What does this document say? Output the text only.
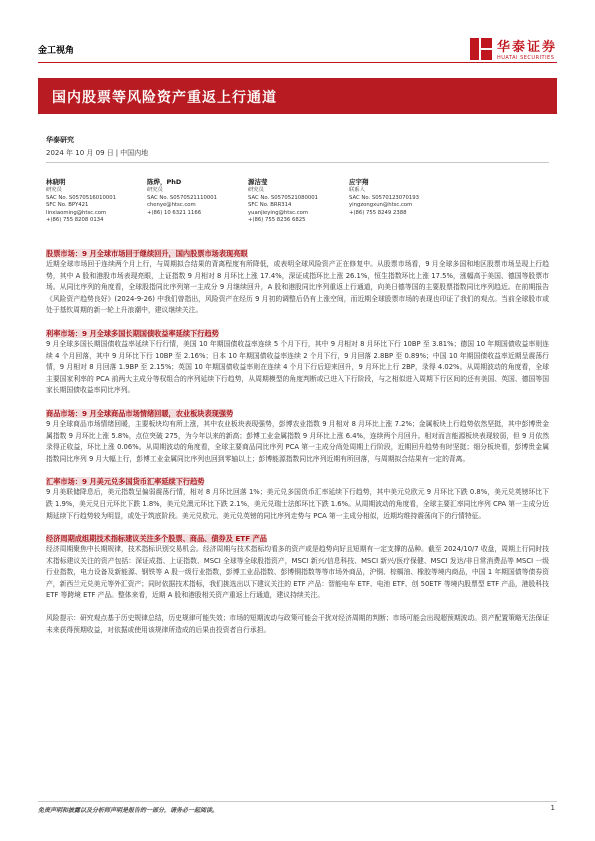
金工视角	华泰证券
HUATAI SECURITIES
国内股票等风险资产重返上行通道
华泰研究
2024 年 10 月 09 日 | 中国内地
林晓明
研究员
SAC No. S0570516010001
SFC No. BPY421
linxiaoming@htsc.com
+(86) 755 8208 0134
陈烨，PhD
研究员
SAC No. S0570521110001
chenye@htsc.com
+(86) 10 6321 1166
源洁莹
研究员
SAC No. S0570521080001
SFC No. BRR314
yuanjieying@htsc.com
+(86) 755 8236 6825
应宇翔
联系人
SAC No. S0570123070193
yingzongxun@htsc.com
+(86) 755 8249 2388

股票市场：9 月全球市场回于继续回升，国内股票市场表现亮眼

近期全球市场回于连续两个月上行，与周期拟合结果的背离程度有所降低，或表明全球风险资产正在修复中。从股票市场看，9 月全球多国和地区股票市场呈现上行趋势，其中 A 股和港股市场表现亮眼，上证指数 9 月相对 8 月环比上涨 17.4%，深证成指环比上涨 26.1%，恒生指数环比上涨 17.5%，涨幅高于美国、德国等股票市场。从同比序列的角度看，全球股指同比序列第一主成分 9 月继续回升，A 股和港股同比序列重返上行通道，向美日德等国的主要股票指数同比序列趋近。在前期报告《风险资产趋势良好》(2024-9-26) 中我们曾指出，风险资产在经历 9 月初的调整后仍有上涨空间，而近期全球股票市场的表现也印证了我们的观点。当前全球股市或处于基钦周期的新一轮上升浪潮中，建议继续关注。

利率市场：9 月全球多国长期国债收益率延续下行趋势

9 月全球多国长期国债收益率延续下行行情，美国 10 年期国债收益率连续 5 个月下行，其中 9 月相对 8 月环比下行 10BP 至 3.81%；德国 10 年期国债收益率则连续 4 个月回落，其中 9 月环比下行 10BP 至 2.16%；日本 10 年期国债收益率连续 2 个月下行，9 月回落 2.8BP 至 0.89%；中国 10 年期国债收益率近期呈震荡行情，9 月相对 8 月回落 1.9BP 至 2.15%；英国 10 年期国债收益率则在连续 4 个月下行后迎来回升，9 月环比上行 2BP，录得 4.02%。从周期波动的角度看，全球主要国家利率的 PCA 前两大主成分等权组合的序列延续下行趋势，从周期模型的角度判断或已进入下行阶段，与之相似进入周期下行区间的还有美国、英国、德国等国家长期国债收益率同比序列。

商品市场：9 月全球商品市场情绪回暖，农业板块表现强势

9 月全球商品市场情绪回暖，主要板块均有所上涨，其中农业板块表现强势，彭博农业指数 9 月相对 8 月环比上涨 7.2%；金属板块上行趋势依然坚挺，其中彭博贵金属指数 9 月环比上涨 5.8%，点位突破 275，为今年以来的新高；彭博工业金属指数 9 月环比上涨 6.4%，连续两个月回升。相对而言能源板块表现较弱，但 9 月依然录得正收益，环比上涨 0.06%。从周期波动的角度看，全球主要商品同比序列 PCA 第一主成分尚处周期上行阶段，近期回升趋势有时坚挺；细分板块看，彭博贵金属指数同比序列 9 月大幅上行，彭博工业金属同比序列也回到零轴以上；彭博能源指数同比序列近期有所回落，与周期拟合结果有一定的背离。

汇率市场：9 月美元兑多国货币汇率延续下行趋势

9 月美联储降息后，美元指数呈偏弱震荡行情，相对 8 月环比回落 1%；美元兑多国货币汇率延续下行趋势，其中美元兑欧元 9 月环比下跌 0.8%，美元兑英镑环比下跌 1.9%，美元兑日元环比下跌 1.8%，美元兑澳元环比下跌 2.1%，美元兑瑞士法郎环比下跌 1.6%。从周期波动的角度看，全球主要汇率同比序列 CPA 第一主成分近期延续下行趋势较为明显，或处于筑底阶段。美元兑欧元、美元兑英镑的同比序列走势与 PCA 第一主成分相似，近期均维持震荡向下的行情特征。

经济周期成组期技术指标建议关注多个股票、商品、债券及 ETF 产品

经济周期聚焦中长期规律，技术指标识别交易机会。经济周期与技术指标均看多的资产或是趋势向好且短期有一定支撑的品种。截至 2024/10/7 收盘，周期上行同时技术指标建议关注的资产包括：深证成指、上证指数、MSCI 全球等全球股指资产，MSCI 新兴/信息科技、MSCI 新兴/医疗保健、MSCI 发达/非日常消费品等 MSCI 一级行业指数，电力设备及新能源、钢铁等 A 股一级行业指数，彭博工业品指数、彭博铜指数等等市场外商品，沪铜、棕榈油、橡胶等境内商品，中国 1 年期国债等债券资产，新西兰元兑美元等外汇资产；同时依据技术指标，我们挑选出以下建议关注的 ETF 产品：智能电车 ETF、电池 ETF、创 50ETF 等境内股票型 ETF 产品，港股科技 ETF 等跨境 ETF 产品。整体来看，近期 A 股和港股相关资产重返上行通道，建议持续关注。

风险提示：研究观点基于历史规律总结，历史规律可能失效；市场的短期波动与政策可能会干扰对经济周期的判断；市场可能会出现超预期波动。资产配置策略无法保证未来获得预期收益，对依据或使用该规律所造成的后果由投资者自行承担。

免责声明和披露以及分析师声明是报告的一部分，请务必一起阅读。	1
